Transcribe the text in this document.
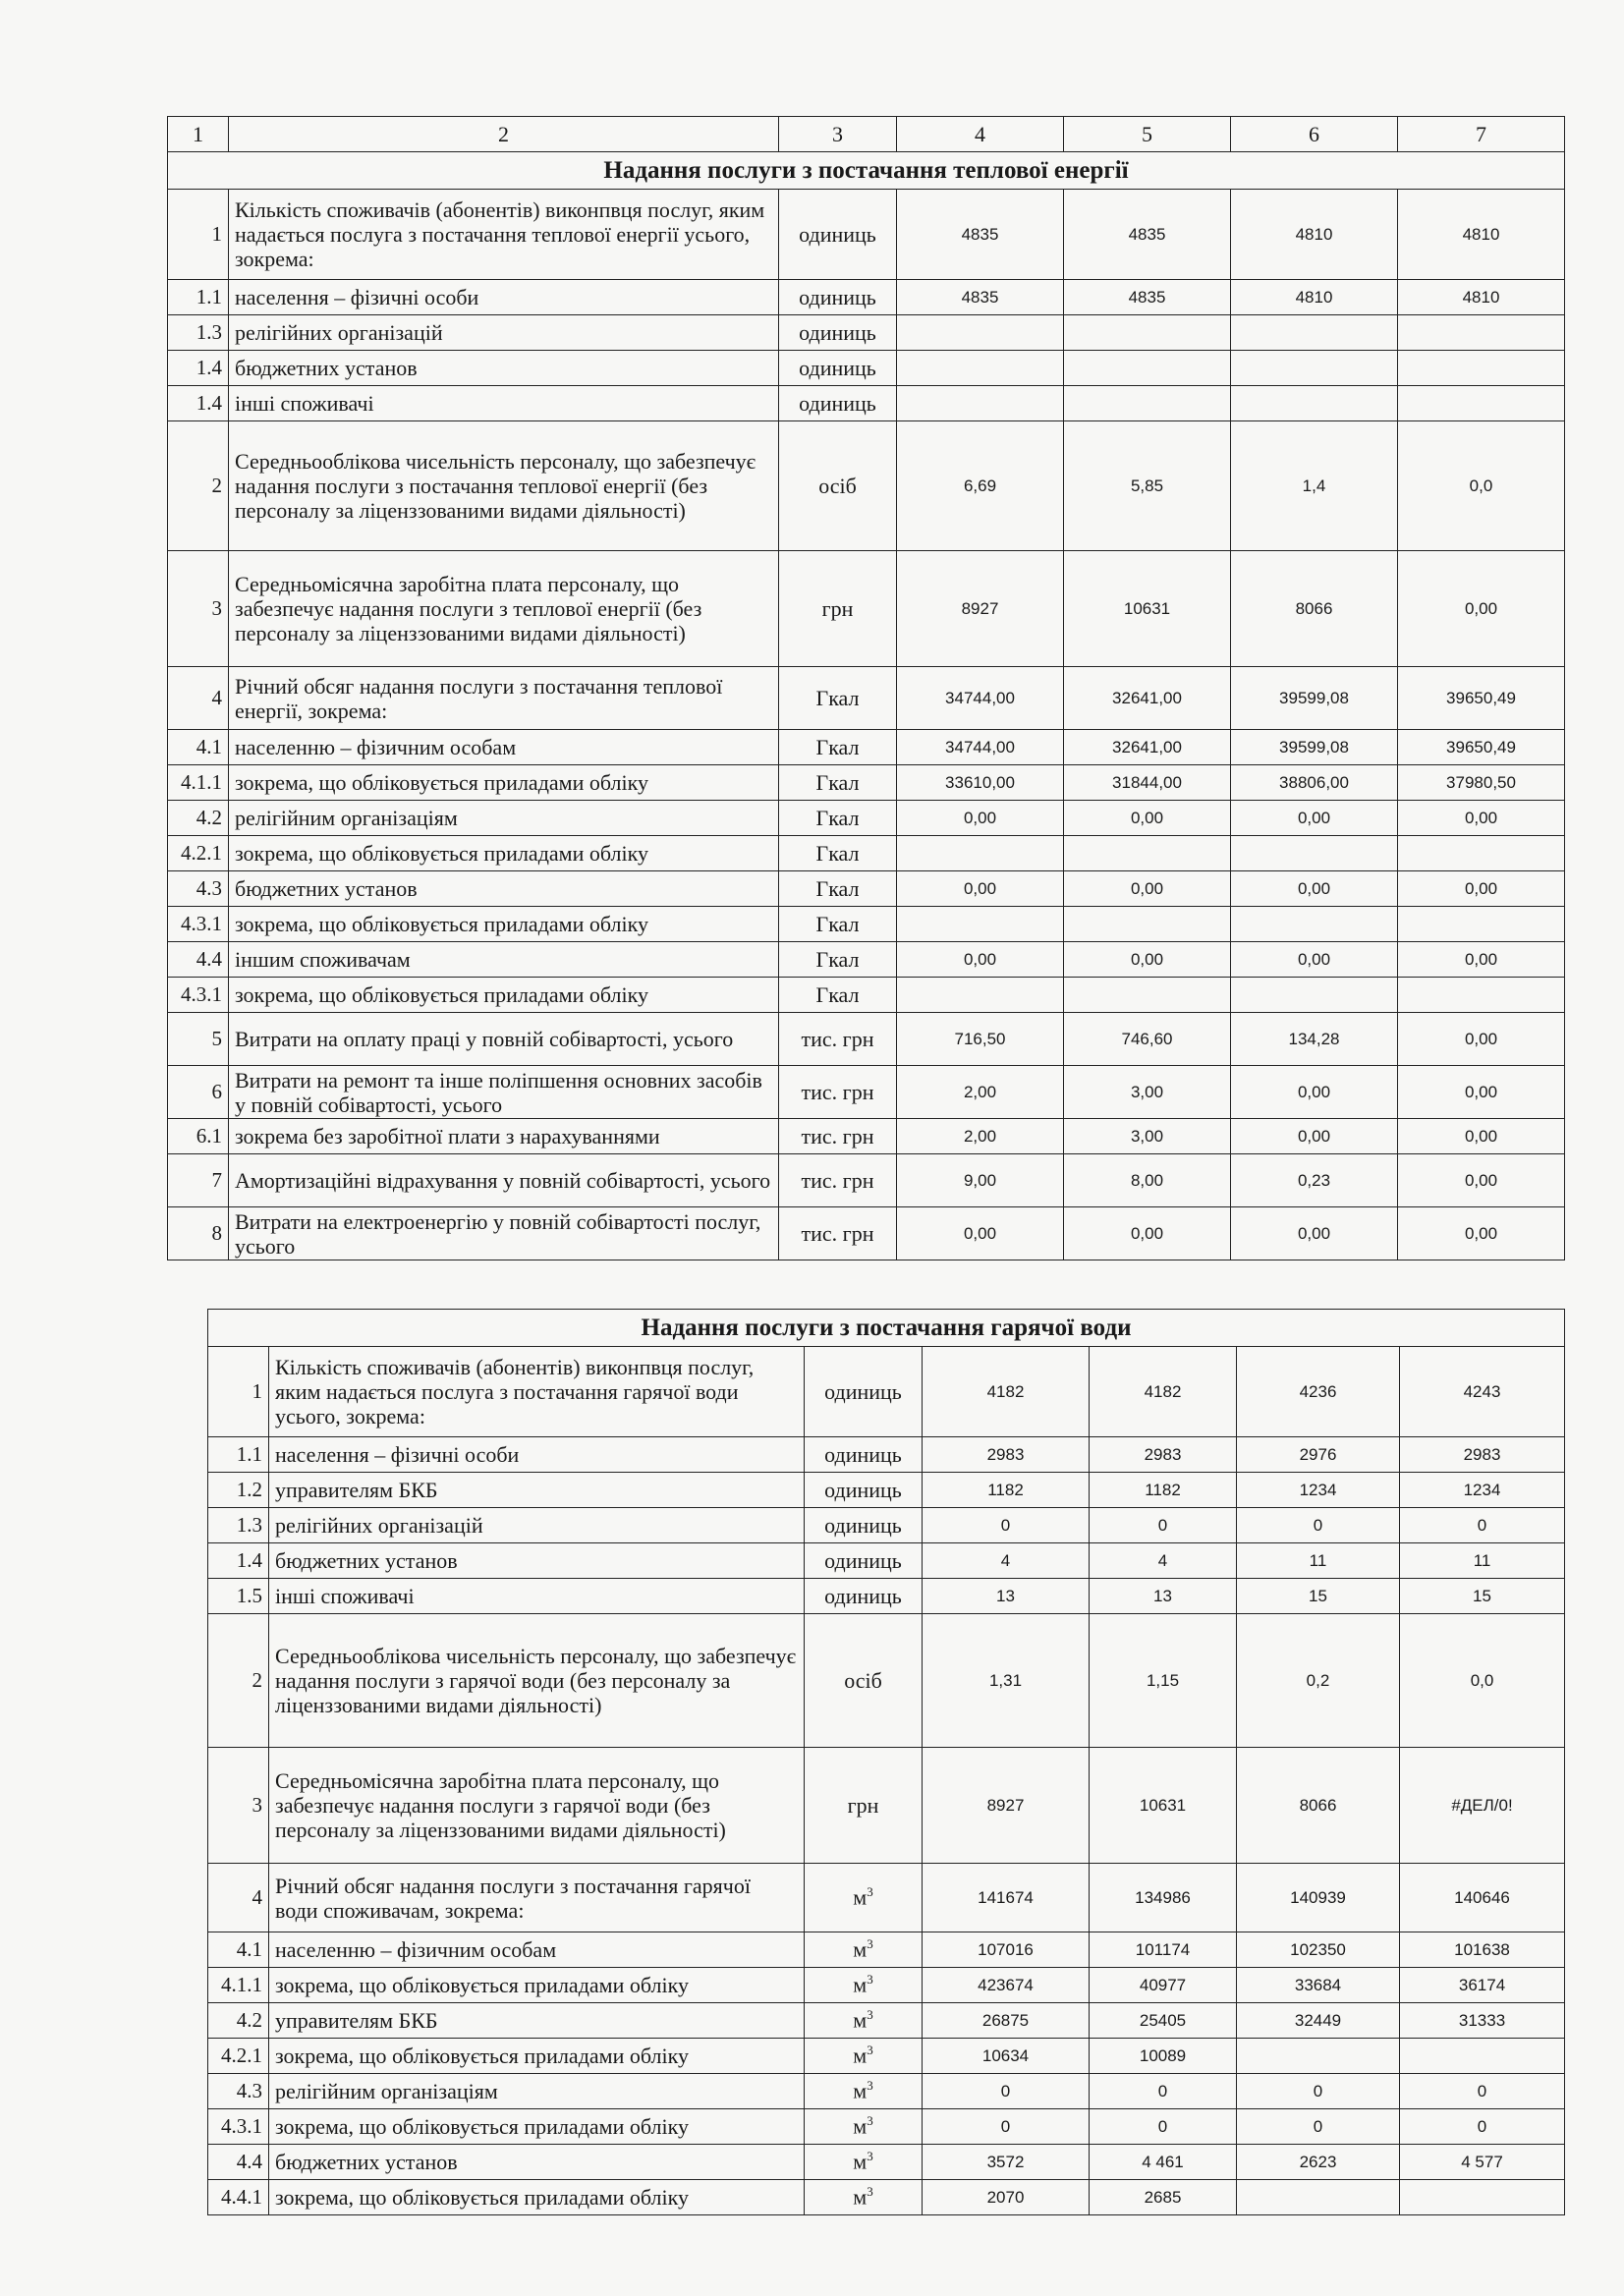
1	2	3	4	5	6	7
Надання послуги з постачання теплової енергії						
1	Кількість споживачів (абонентів) виконпвця послуг, яким надається послуга з постачання теплової енергії усього, зокрема:	одиниць	4835	4835	4810	4810
1.1	населення – фізичні особи	одиниць	4835	4835	4810	4810
1.3	релігійних організацій	одиниць				
1.4	бюджетних установ	одиниць				
1.4	інші споживачі	одиниць				
2	Середньооблікова чисельність персоналу, що забезпечує надання послуги з постачання теплової енергії (без персоналу за ліценззованими видами діяльності)	осіб	6,69	5,85	1,4	0,0
3	Середньомісячна заробітна плата персоналу, що забезпечує надання послуги з теплової енергії (без персоналу за ліценззованими видами діяльності)	грн	8927	10631	8066	0,00
4	Річний обсяг надання послуги з постачання теплової енергії, зокрема:	Гкал	34744,00	32641,00	39599,08	39650,49
4.1	населенню – фізичним особам	Гкал	34744,00	32641,00	39599,08	39650,49
4.1.1	зокрема, що обліковується приладами обліку	Гкал	33610,00	31844,00	38806,00	37980,50
4.2	релігійним організаціям	Гкал	0,00	0,00	0,00	0,00
4.2.1	зокрема, що обліковується приладами обліку	Гкал				
4.3	бюджетних установ	Гкал	0,00	0,00	0,00	0,00
4.3.1	зокрема, що обліковується приладами обліку	Гкал				
4.4	іншим споживачам	Гкал	0,00	0,00	0,00	0,00
4.3.1	зокрема, що обліковується приладами обліку	Гкал				
5	Витрати на оплату праці у повній собівартості, усього	тис. грн	716,50	746,60	134,28	0,00
6	Витрати на ремонт та інше поліпшення основних засобів у повній собівартості, усього	тис. грн	2,00	3,00	0,00	0,00
6.1	зокрема без заробітної плати з нарахуваннями	тис. грн	2,00	3,00	0,00	0,00
7	Амортизаційні відрахування у повній собівартості, усього	тис. грн	9,00	8,00	0,23	0,00
8	Витрати на електроенергію у повній собівартості послуг, усього	тис. грн	0,00	0,00	0,00	0,00
Надання послуги з постачання гарячої води						
1	Кількість споживачів (абонентів) виконпвця послуг, яким надається послуга з постачання гарячої води усього, зокрема:	одиниць	4182	4182	4236	4243
1.1	населення – фізичні особи	одиниць	2983	2983	2976	2983
1.2	управителям БКБ	одиниць	1182	1182	1234	1234
1.3	релігійних організацій	одиниць	0	0	0	0
1.4	бюджетних установ	одиниць	4	4	11	11
1.5	інші споживачі	одиниць	13	13	15	15
2	Середньооблікова чисельність персоналу, що забезпечує надання послуги з гарячої води (без персоналу за ліценззованими видами діяльності)	осіб	1,31	1,15	0,2	0,0
3	Середньомісячна заробітна плата персоналу, що забезпечує надання послуги з гарячої води (без персоналу за ліценззованими видами діяльності)	грн	8927	10631	8066	#ДЕЛ/0!
4	Річний обсяг надання послуги з постачання гарячої води споживачам, зокрема:	$м^3$	141674	134986	140939	140646
4.1	населенню – фізичним особам	$м^3$	107016	101174	102350	101638
4.1.1	зокрема, що обліковується приладами обліку	$м^3$	423674	40977	33684	36174
4.2	управителям БКБ	$м^3$	26875	25405	32449	31333
4.2.1	зокрема, що обліковується приладами обліку	$м^3$	10634	10089		
4.3	релігійним організаціям	$м^3$	0	0	0	0
4.3.1	зокрема, що обліковується приладами обліку	$м^3$	0	0	0	0
4.4	бюджетних установ	$м^3$	3572	4 461	2623	4 577
4.4.1	зокрема, що обліковується приладами обліку	$м^3$	2070	2685		
